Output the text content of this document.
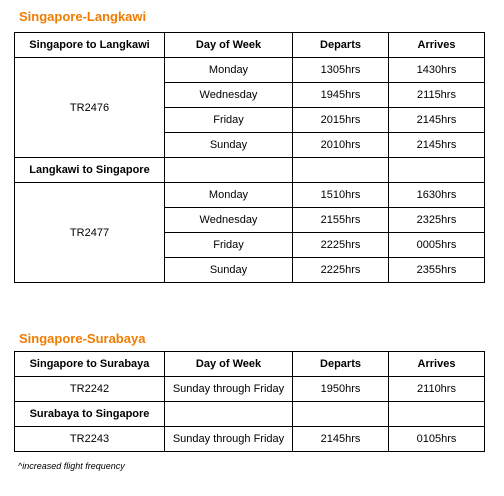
Singapore-Langkawi
Singapore to Langkawi	Day of Week	Departs	Arrives
TR2476	Monday	1305hrs	1430hrs
	Wednesday	1945hrs	2115hrs
	Friday	2015hrs	2145hrs
	Sunday	2010hrs	2145hrs
Langkawi to Singapore			
TR2477	Monday	1510hrs	1630hrs
	Wednesday	2155hrs	2325hrs
	Friday	2225hrs	0005hrs
	Sunday	2225hrs	2355hrs
Singapore-Surabaya
Singapore to Surabaya	Day of Week	Departs	Arrives
TR2242	Sunday through Friday	1950hrs	2110hrs
Surabaya to Singapore			
TR2243	Sunday through Friday	2145hrs	0105hrs
^increased flight frequency
